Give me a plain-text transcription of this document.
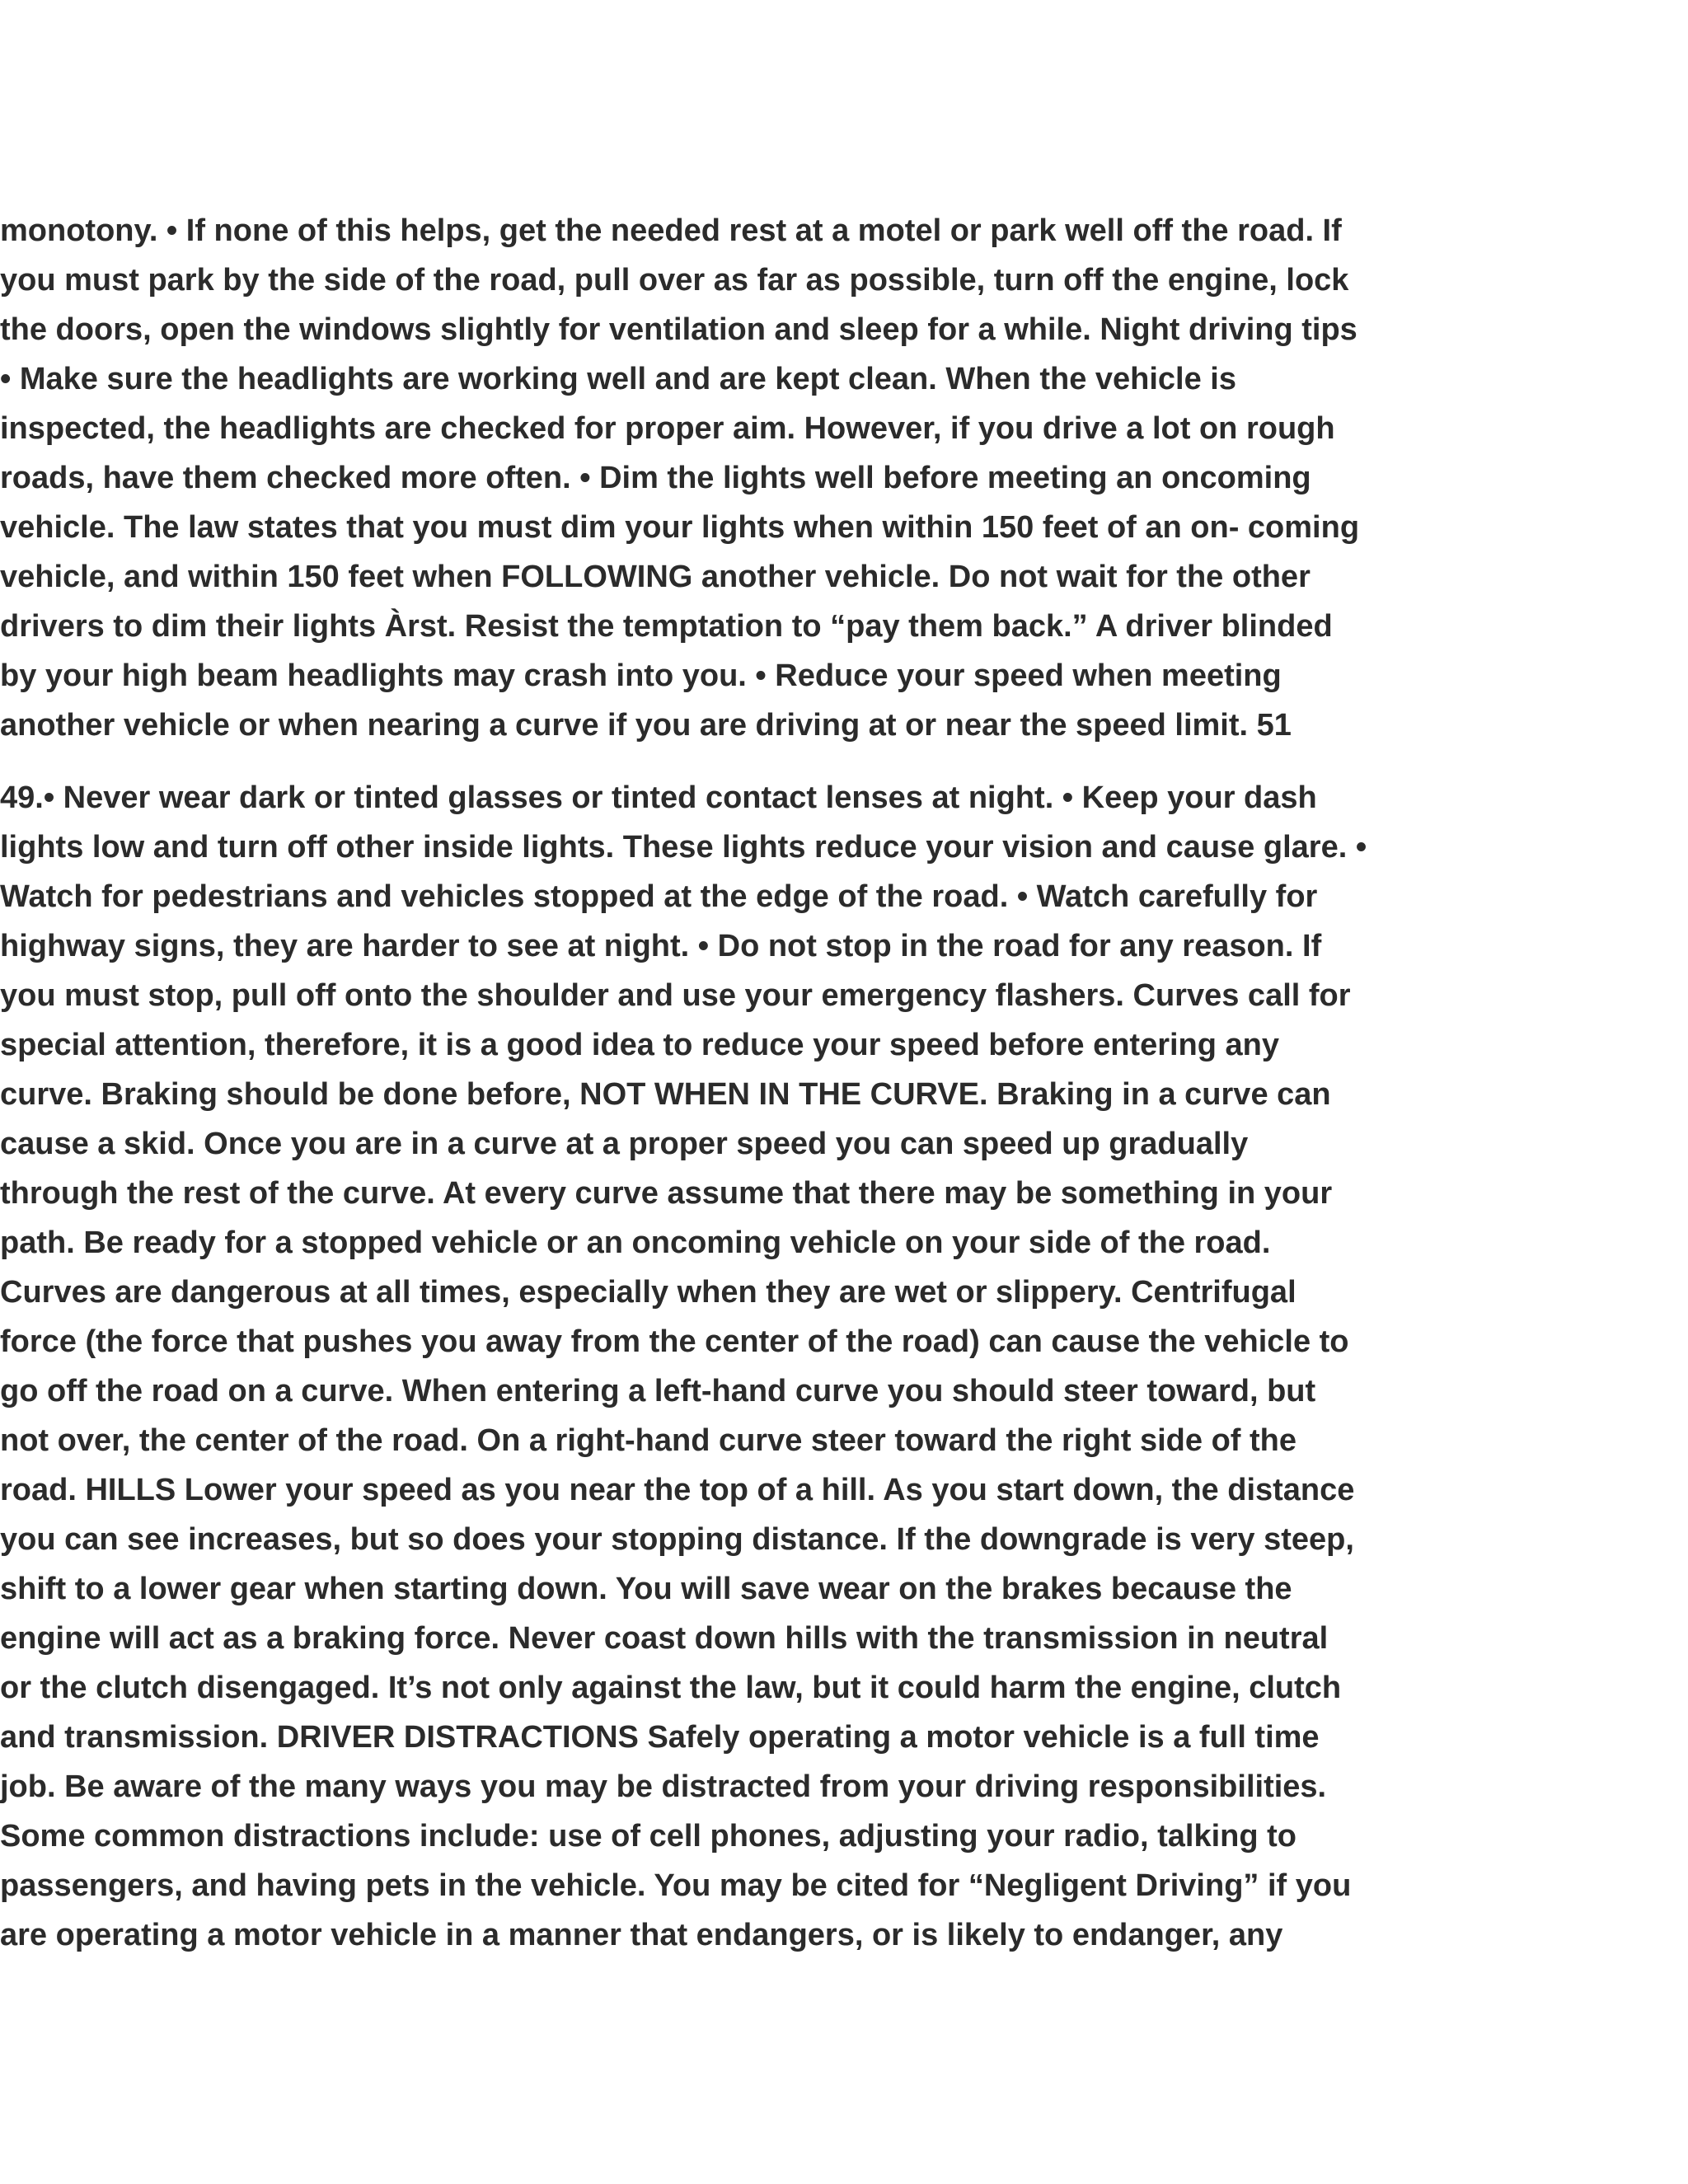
monotony. • If none of this helps, get the needed rest at a motel or park well off the road. If
you must park by the side of the road, pull over as far as possible, turn off the engine, lock
the doors, open the windows slightly for ventilation and sleep for a while. Night driving tips
• Make sure the headlights are working well and are kept clean. When the vehicle is
inspected, the headlights are checked for proper aim. However, if you drive a lot on rough
roads, have them checked more often. • Dim the lights well before meeting an oncoming
vehicle. The law states that you must dim your lights when within 150 feet of an on- coming
vehicle, and within 150 feet when FOLLOWING another vehicle. Do not wait for the other
drivers to dim their lights Àrst. Resist the temptation to “pay them back.” A driver blinded
by your high beam headlights may crash into you. • Reduce your speed when meeting
another vehicle or when nearing a curve if you are driving at or near the speed limit. 51
49.• Never wear dark or tinted glasses or tinted contact lenses at night. • Keep your dash
lights low and turn off other inside lights. These lights reduce your vision and cause glare. •
Watch for pedestrians and vehicles stopped at the edge of the road. • Watch carefully for
highway signs, they are harder to see at night. • Do not stop in the road for any reason. If
you must stop, pull off onto the shoulder and use your emergency flashers. Curves call for
special attention, therefore, it is a good idea to reduce your speed before entering any
curve. Braking should be done before, NOT WHEN IN THE CURVE. Braking in a curve can
cause a skid. Once you are in a curve at a proper speed you can speed up gradually
through the rest of the curve. At every curve assume that there may be something in your
path. Be ready for a stopped vehicle or an oncoming vehicle on your side of the road.
Curves are dangerous at all times, especially when they are wet or slippery. Centrifugal
force (the force that pushes you away from the center of the road) can cause the vehicle to
go off the road on a curve. When entering a left-hand curve you should steer toward, but
not over, the center of the road. On a right-hand curve steer toward the right side of the
road. HILLS Lower your speed as you near the top of a hill. As you start down, the distance
you can see increases, but so does your stopping distance. If the downgrade is very steep,
shift to a lower gear when starting down. You will save wear on the brakes because the
engine will act as a braking force. Never coast down hills with the transmission in neutral
or the clutch disengaged. It’s not only against the law, but it could harm the engine, clutch
and transmission. DRIVER DISTRACTIONS Safely operating a motor vehicle is a full time
job. Be aware of the many ways you may be distracted from your driving responsibilities.
Some common distractions include: use of cell phones, adjusting your radio, talking to
passengers, and having pets in the vehicle. You may be cited for “Negligent Driving” if you
are operating a motor vehicle in a manner that endangers, or is likely to endanger, any
